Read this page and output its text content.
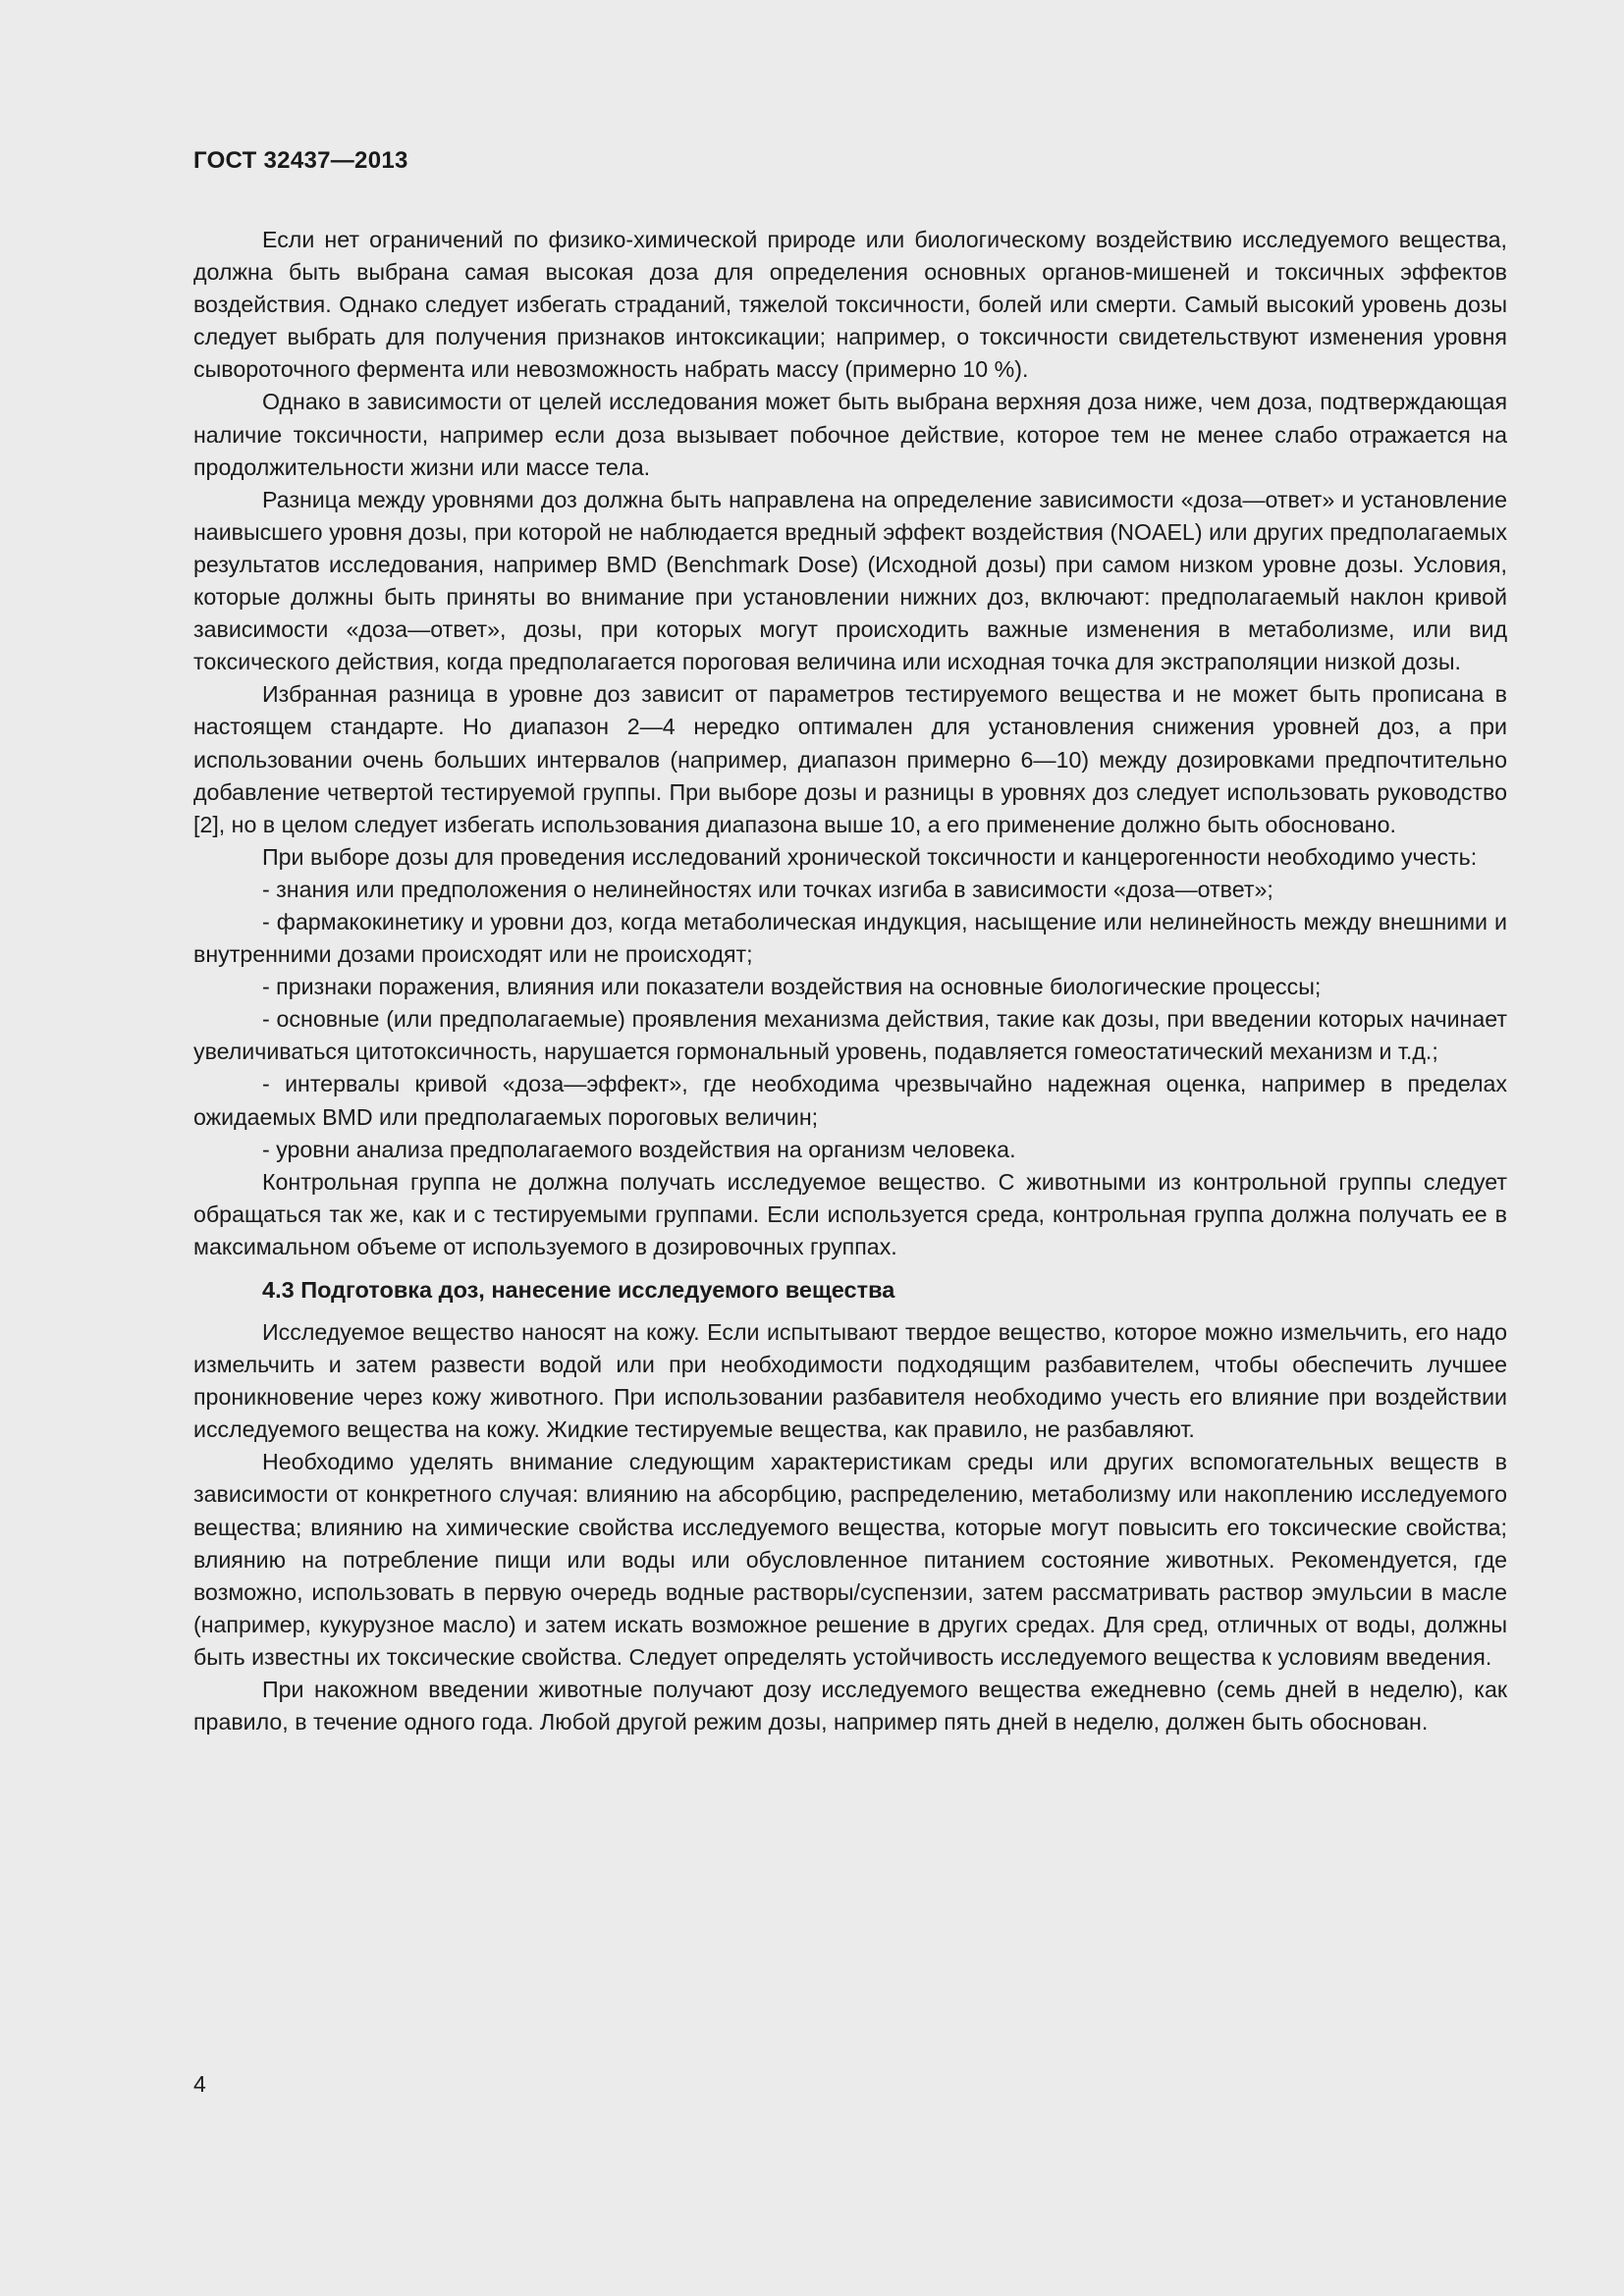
ГОСТ 32437—2013

Если нет ограничений по физико-химической природе или биологическому воздействию исследуемого вещества, должна быть выбрана самая высокая доза для определения основных органов-мишеней и токсичных эффектов воздействия. Однако следует избегать страданий, тяжелой токсичности, болей или смерти. Самый высокий уровень дозы следует выбрать для получения признаков интоксикации; например, о токсичности свидетельствуют изменения уровня сывороточного фермента или невозможность набрать массу (примерно 10 %).

Однако в зависимости от целей исследования может быть выбрана верхняя доза ниже, чем доза, подтверждающая наличие токсичности, например если доза вызывает побочное действие, которое тем не менее слабо отражается на продолжительности жизни или массе тела.

Разница между уровнями доз должна быть направлена на определение зависимости «доза—ответ» и установление наивысшего уровня дозы, при которой не наблюдается вредный эффект воздействия (NOAEL) или других предполагаемых результатов исследования, например BMD (Benchmark Dose) (Исходной дозы) при самом низком уровне дозы. Условия, которые должны быть приняты во внимание при установлении нижних доз, включают: предполагаемый наклон кривой зависимости «доза—ответ», дозы, при которых могут происходить важные изменения в метаболизме, или вид токсического действия, когда предполагается пороговая величина или исходная точка для экстраполяции низкой дозы.

Избранная разница в уровне доз зависит от параметров тестируемого вещества и не может быть прописана в настоящем стандарте. Но диапазон 2—4 нередко оптимален для установления снижения уровней доз, а при использовании очень больших интервалов (например, диапазон примерно 6—10) между дозировками предпочтительно добавление четвертой тестируемой группы. При выборе дозы и разницы в уровнях доз следует использовать руководство [2], но в целом следует избегать использования диапазона выше 10, а его применение должно быть обосновано.

При выборе дозы для проведения исследований хронической токсичности и канцерогенности необходимо учесть:

- знания или предположения о нелинейностях или точках изгиба в зависимости «доза—ответ»;

- фармакокинетику и уровни доз, когда метаболическая индукция, насыщение или нелинейность между внешними и внутренними дозами происходят или не происходят;

- признаки поражения, влияния или показатели воздействия на основные биологические процессы;

- основные (или предполагаемые) проявления механизма действия, такие как дозы, при введении которых начинает увеличиваться цитотоксичность, нарушается гормональный уровень, подавляется гомеостатический механизм и т.д.;

- интервалы кривой «доза—эффект», где необходима чрезвычайно надежная оценка, например в пределах ожидаемых BMD или предполагаемых пороговых величин;

- уровни анализа предполагаемого воздействия на организм человека.

Контрольная группа не должна получать исследуемое вещество. С животными из контрольной группы следует обращаться так же, как и с тестируемыми группами. Если используется среда, контрольная группа должна получать ее в максимальном объеме от используемого в дозировочных группах.

4.3 Подготовка доз, нанесение исследуемого вещества

Исследуемое вещество наносят на кожу. Если испытывают твердое вещество, которое можно измельчить, его надо измельчить и затем развести водой или при необходимости подходящим разбавителем, чтобы обеспечить лучшее проникновение через кожу животного. При использовании разбавителя необходимо учесть его влияние при воздействии исследуемого вещества на кожу. Жидкие тестируемые вещества, как правило, не разбавляют.

Необходимо уделять внимание следующим характеристикам среды или других вспомогательных веществ в зависимости от конкретного случая: влиянию на абсорбцию, распределению, метаболизму или накоплению исследуемого вещества; влиянию на химические свойства исследуемого вещества, которые могут повысить его токсические свойства; влиянию на потребление пищи или воды или обусловленное питанием состояние животных. Рекомендуется, где возможно, использовать в первую очередь водные растворы/суспензии, затем рассматривать раствор эмульсии в масле (например, кукурузное масло) и затем искать возможное решение в других средах. Для сред, отличных от воды, должны быть известны их токсические свойства. Следует определять устойчивость исследуемого вещества к условиям введения.

При накожном введении животные получают дозу исследуемого вещества ежедневно (семь дней в неделю), как правило, в течение одного года. Любой другой режим дозы, например пять дней в неделю, должен быть обоснован.

4
